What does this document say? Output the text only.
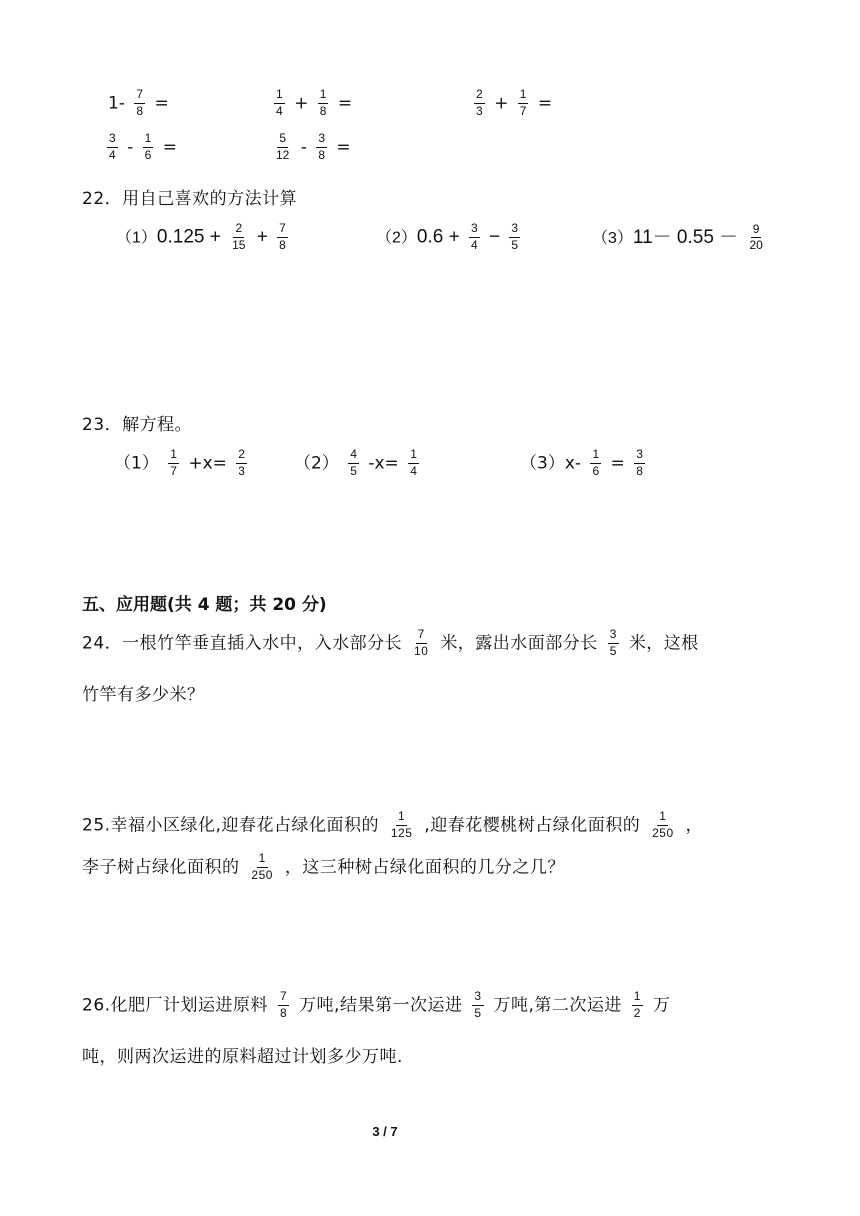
$1- \frac{7}{8}$ =	$\frac{1}{4} + \frac{1}{8}$ =	$\frac{2}{3} + \frac{1}{7}$ =
$\frac{3}{4} - \frac{1}{6}$ =	$\frac{5}{12} - \frac{3}{8}$ =
22．用自己喜欢的方法计算
$(1)0.125 + \frac{2}{15} + \frac{7}{8}$	$(2)0.6 + \frac{3}{4} - \frac{3}{5}$	$(3)11- 0.55 - \frac{9}{20}$
23．解方程。
$(1) \frac{1}{7} +x= \frac{2}{3}$	$(2) \frac{4}{5} -x= \frac{1}{4}$	$(3)x- \frac{1}{6} = \frac{3}{8}$
五、应用题(共 4 题；共 20 分)
24．一根竹竿垂直插入水中，入水部分长 $\frac{7}{10}$ 米，露出水面部分长 $\frac{3}{5}$ 米，这根
竹竿有多少米？
25.幸福小区绿化,迎春花占绿化面积的 $\frac{1}{125}$ ,迎春花樱桃树占绿化面积的 $\frac{1}{250}$ ，
李子树占绿化面积的 $\frac{1}{250}$ ，这三种树占绿化面积的几分之几？
26.化肥厂计划运进原料 $\frac{7}{8}$ 万吨,结果第一次运进 $\frac{3}{5}$ 万吨,第二次运进 $\frac{1}{2}$ 万
吨，则两次运进的原料超过计划多少万吨.
3 / 7
